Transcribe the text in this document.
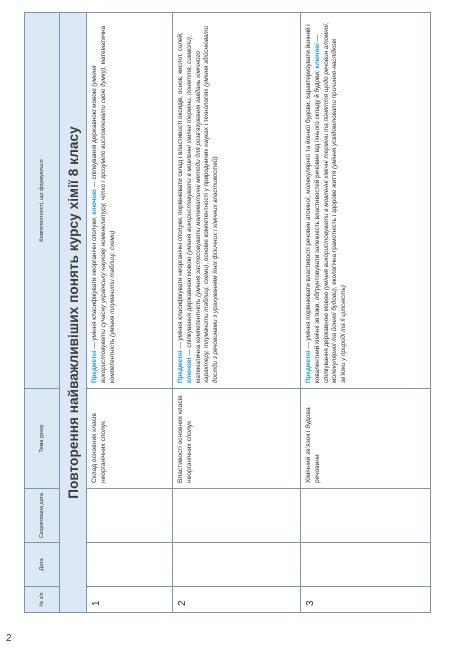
№ з/п	Дата	Скоригована дата	Тема уроку	Компетентності, що формуються
Повторення найважливіших понять курсу хімії 8 класу				
1			Склад основних класів неорганічних сполук	Предметні — уміння класифікувати неорганічні сполуки; ключові — спілкування державною мовою (уміння використовувати сучасну українську наукову номенклатуру, чітко і зрозуміло висловлювати свою думку), математична компетентність (уміння тлумачити таблиці, схеми)
2			Властивості основних класів неорганічних сполук	Предметні — уміння класифікувати неорганічні сполуки, порівнювати склад і властивості оксидів, основ, кислот, солей; ключові — спілкування державною мовою (уміння використовувати в мовленні хімічні терміни, поняття, символи), математична компетентність (уміння застосовувати математичні методи для розв’язування завдань хімічного характеру, тлумачити таблиці, схеми), основні компетентності у природничих науках і технологіях (уміння здійснювати досліди з речовинами з урахуванням їхніх фізичних і хімічних властивостей)
3			Хімічний зв’язок і будова речовини	Предметні — уміння порівнювати властивості речовин атомної, молекулярної та йонної будови, характеризувати йонний і ковалентний хімічні зв’язки, обґрунтовувати залежність властивостей речовин від їхнього складу й будови; ключові — спілкування державною мовою (уміння використовувати в мовленні хімічні терміни та поняття щодо речовин атомної, молекулярної та йонної будови), екологічна грамотність і здорове життя (уміння усвідомлювати причинно-наслідкові зв’язки у природі та її цілісність)
2
